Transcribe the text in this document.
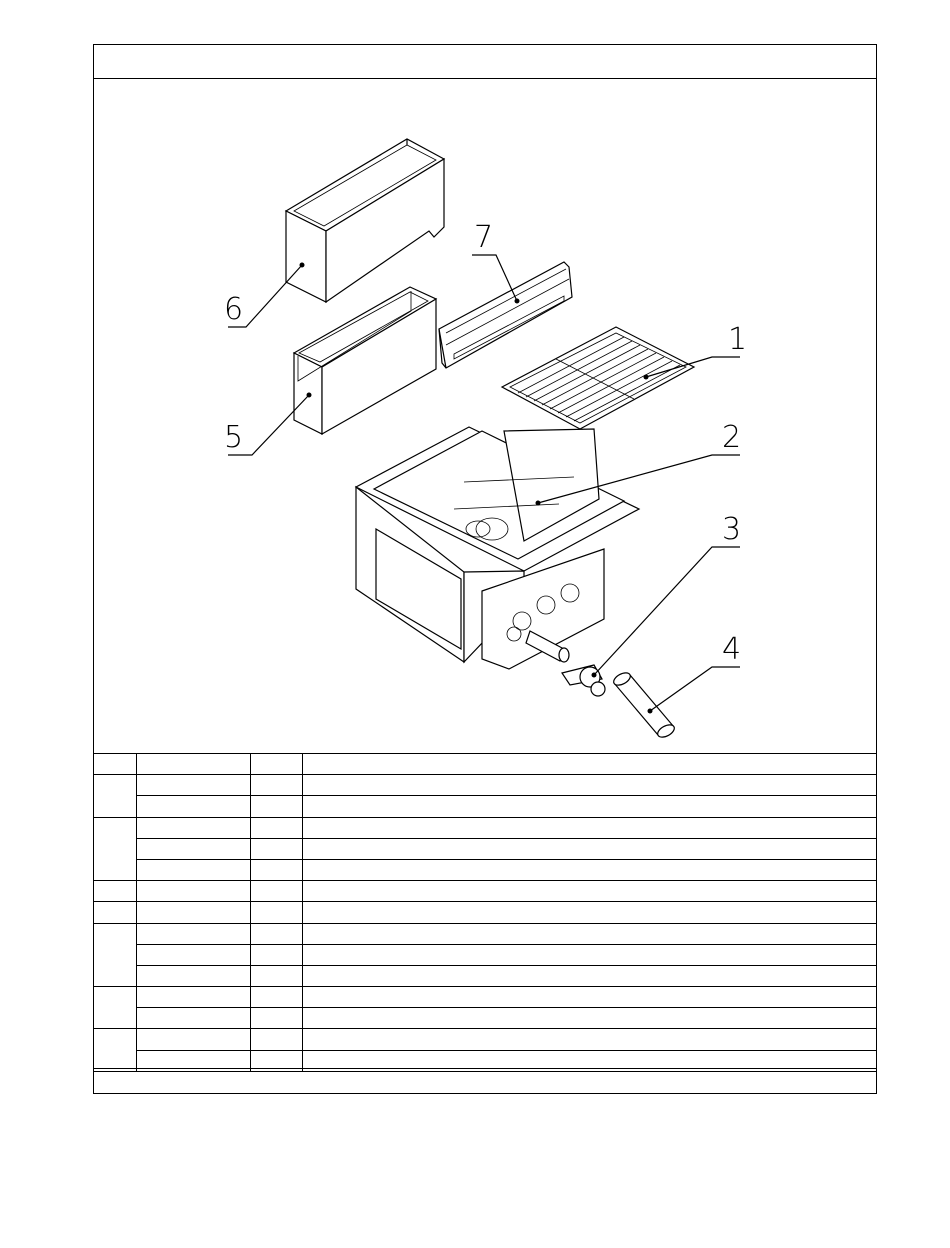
6
5
7
1
2
3
4
